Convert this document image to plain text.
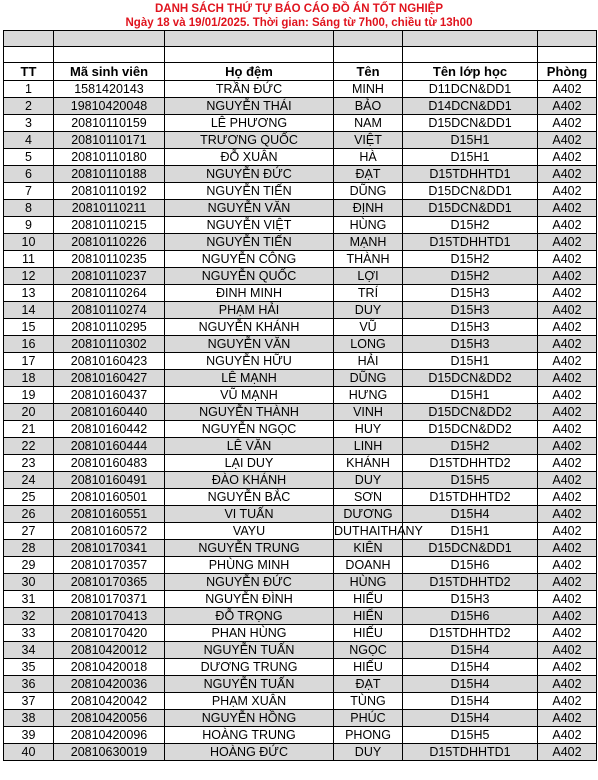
DANH SÁCH THỨ TỰ BÁO CÁO ĐỒ ÁN TỐT NGHIỆP
Ngày 18 và 19/01/2025. Thời gian: Sáng từ 7h00, chiều từ 13h00

TT	Mã sinh viên	Họ đệm	Tên	Tên lớp học	Phòng
1	1581420143	TRẦN ĐỨC	MINH	D11DCN&DD1	A402
2	19810420048	NGUYỄN THÁI	BẢO	D14DCN&DD1	A402
3	20810110159	LÊ PHƯƠNG	NAM	D15DCN&DD1	A402
4	20810110171	TRƯƠNG QUỐC	VIỆT	D15H1	A402
5	20810110180	ĐỖ XUÂN	HÀ	D15H1	A402
6	20810110188	NGUYỄN ĐỨC	ĐẠT	D15TDHHTD1	A402
7	20810110192	NGUYỄN TIẾN	DŨNG	D15DCN&DD1	A402
8	20810110211	NGUYỄN VĂN	ĐỊNH	D15DCN&DD1	A402
9	20810110215	NGUYỄN VIỆT	HÙNG	D15H2	A402
10	20810110226	NGUYỄN TIẾN	MẠNH	D15TDHHTD1	A402
11	20810110235	NGUYỄN CÔNG	THÀNH	D15H2	A402
12	20810110237	NGUYỄN QUỐC	LỢI	D15H2	A402
13	20810110264	ĐINH MINH	TRÍ	D15H3	A402
14	20810110274	PHẠM HẢI	DUY	D15H3	A402
15	20810110295	NGUYỄN KHÁNH	VŨ	D15H3	A402
16	20810110302	NGUYỄN VĂN	LONG	D15H3	A402
17	20810160423	NGUYỄN HỮU	HẢI	D15H1	A402
18	20810160427	LÊ MẠNH	DŨNG	D15DCN&DD2	A402
19	20810160437	VŨ MẠNH	HƯNG	D15H1	A402
20	20810160440	NGUYỄN THÀNH	VINH	D15DCN&DD2	A402
21	20810160442	NGUYỄN NGỌC	HUY	D15DCN&DD2	A402
22	20810160444	LÊ VĂN	LINH	D15H2	A402
23	20810160483	LẠI DUY	KHÁNH	D15TDHHTD2	A402
24	20810160491	ĐÀO KHÁNH	DUY	D15H5	A402
25	20810160501	NGUYỄN BẮC	SƠN	D15TDHHTD2	A402
26	20810160551	VI TUẤN	DƯƠNG	D15H4	A402
27	20810160572	VAYU	DUTHAITHANY	D15H1	A402
28	20810170341	NGUYỄN TRUNG	KIÊN	D15DCN&DD1	A402
29	20810170357	PHÙNG MINH	DOANH	D15H6	A402
30	20810170365	NGUYỄN ĐỨC	HÙNG	D15TDHHTD2	A402
31	20810170371	NGUYỄN ĐÌNH	HIẾU	D15H3	A402
32	20810170413	ĐỖ TRỌNG	HIỂN	D15H6	A402
33	20810170420	PHAN HÙNG	HIẾU	D15TDHHTD2	A402
34	20810420012	NGUYỄN TUẤN	NGỌC	D15H4	A402
35	20810420018	DƯƠNG TRUNG	HIẾU	D15H4	A402
36	20810420036	NGUYỄN TUẤN	ĐẠT	D15H4	A402
37	20810420042	PHẠM XUÂN	TÙNG	D15H4	A402
38	20810420056	NGUYỄN HỒNG	PHÚC	D15H4	A402
39	20810420096	HOÀNG TRUNG	PHONG	D15H5	A402
40	20810630019	HOÀNG ĐỨC	DUY	D15TDHHTD1	A402
